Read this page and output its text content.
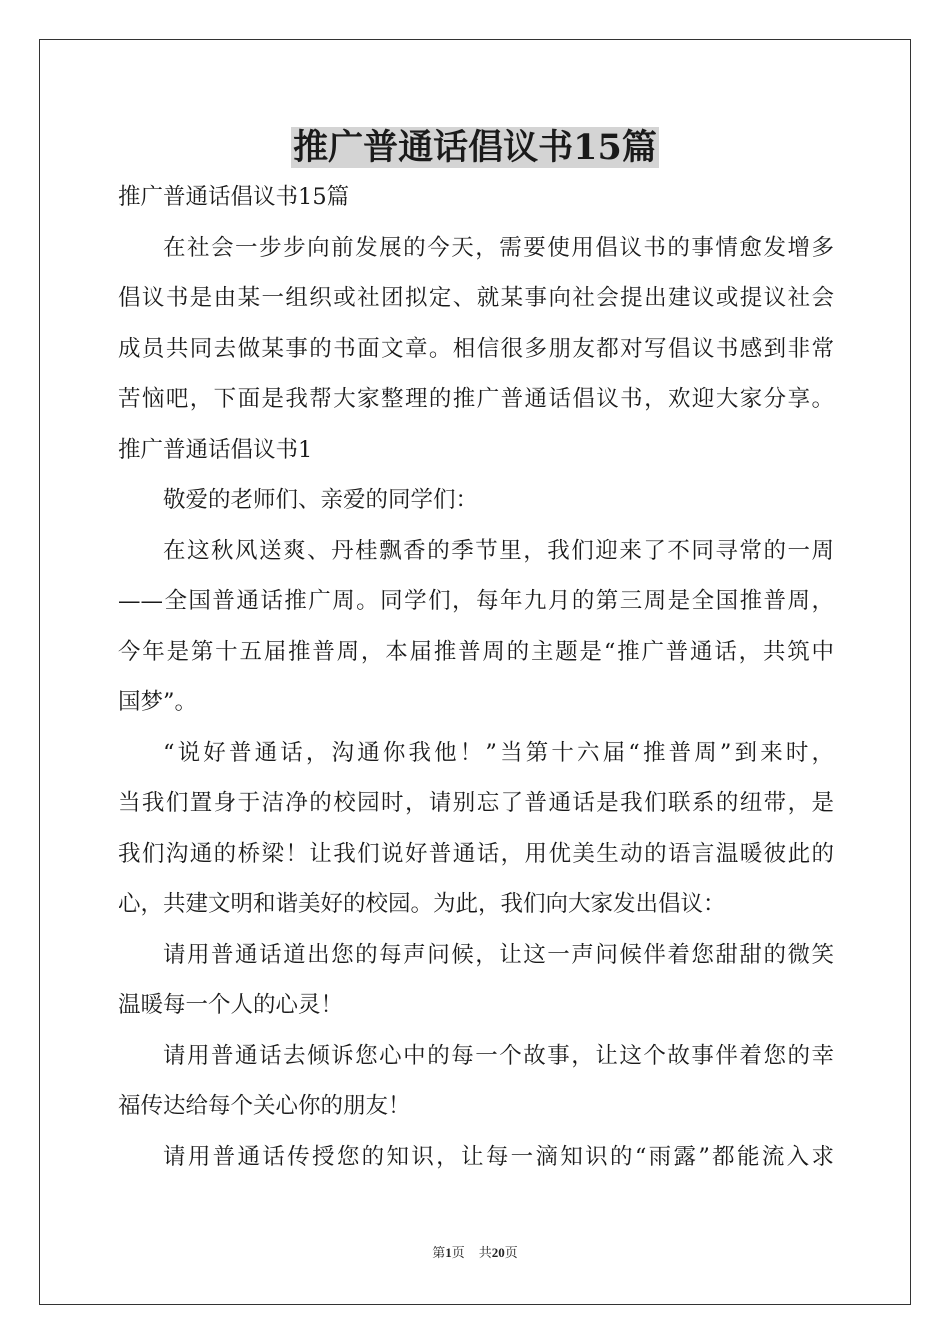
推广普通话倡议书15篇

推广普通话倡议书15篇

在社会一步步向前发展的今天，需要使用倡议书的事情愈发增多

倡议书是由某一组织或社团拟定、就某事向社会提出建议或提议社会

成员共同去做某事的书面文章。相信很多朋友都对写倡议书感到非常

苦恼吧，下面是我帮大家整理的推广普通话倡议书，欢迎大家分享。

推广普通话倡议书1

敬爱的老师们、亲爱的同学们：

在这秋风送爽、丹桂飘香的季节里，我们迎来了不同寻常的一周

——全国普通话推广周。同学们，每年九月的第三周是全国推普周，

今年是第十五届推普周，本届推普周的主题是“推广普通话，共筑中

国梦”。

“说好普通话，沟通你我他！”当第十六届“推普周”到来时，

当我们置身于洁净的校园时，请别忘了普通话是我们联系的纽带，是

我们沟通的桥梁！让我们说好普通话，用优美生动的语言温暖彼此的

心，共建文明和谐美好的校园。为此，我们向大家发出倡议：

请用普通话道出您的每声问候，让这一声问候伴着您甜甜的微笑

温暖每一个人的心灵！

请用普通话去倾诉您心中的每一个故事，让这个故事伴着您的幸

福传达给每个关心你的朋友！

请用普通话传授您的知识，让每一滴知识的“雨露”都能流入求

第1页 共20页
